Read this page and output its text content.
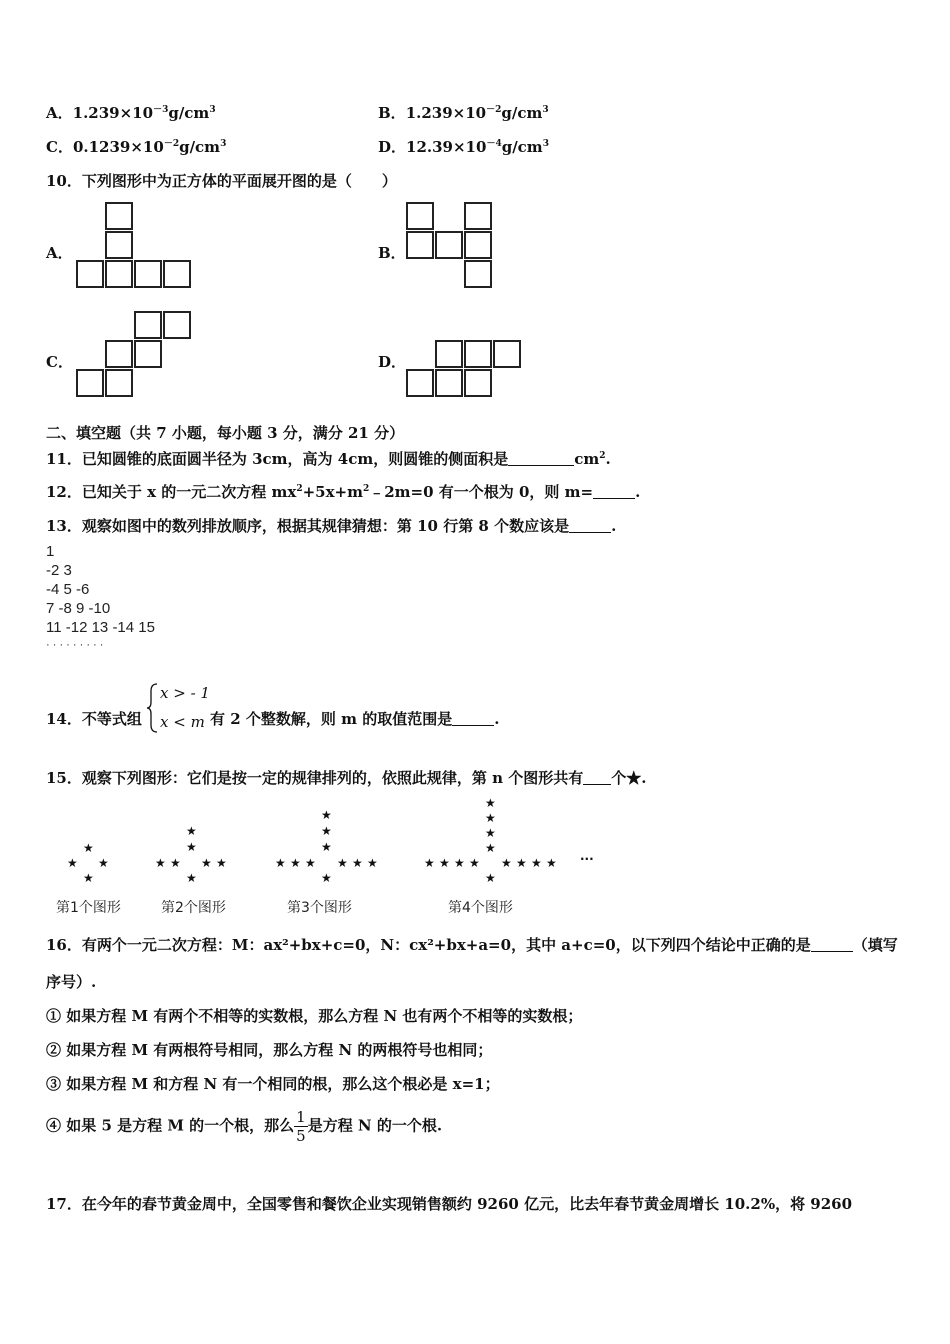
A．$1.239\times 10^{-3}g/cm^3$	B．$1.239\times 10^{-2}g/cm^3$
C．$0.1239\times 10^{-2}g/cm^3$	D．$12.39\times 10^{-4}g/cm^3$
10．下列图形中为正方体的平面展开图的是（　　）
A．	B．
C．	D．
二、填空题（共 7 小题，每小题 3 分，满分 21 分）
11．已知圆锥的底面圆半径为 3cm，高为 4cm，则圆锥的侧面积是	$cm^2$.
12．已知关于 x 的一元二次方程 $mx^2+5x+m^2﹣2m=0$ 有一个根为 0，则 m=	.
13．观察如图中的数列排放顺序，根据其规律猜想：第 10 行第 8 个数应该是	.
1
-2 3
-4 5 -6
7 -8 9 -10
11 -12 13 -14 15
· · · · · · · · ·
14．不等式组
x > - 1
x < m 有 2 个整数解，则 m 的取值范围是	.
15．观察下列图形：它们是按一定的规律排列的，依照此规律，第 n 个图形共有 个★.
★
★ ★
★
★
★
★ ★ ★ ★
★
★
★
★
★ ★ ★ ★ ★ ★
★
★
★
★
★
★ ★ ★ ★ ★ ★ ★ ★
★
···
第1个图形	第2个图形	第3个图形	第4个图形
16．有两个一元二次方程：M：ax²+bx+c=0，N：cx²+bx+a=0，其中 a+c=0，以下列四个结论中正确的是	（填写
序号）.
① 如果方程 M 有两个不相等的实数根，那么方程 N 也有两个不相等的实数根；
② 如果方程 M 有两根符号相同，那么方程 N 的两根符号也相同；
③ 如果方程 M 和方程 N 有一个相同的根，那么这个根必是 x=1；
④ 如果 5 是方程 M 的一个根，那么 $\frac{1}{5}$ 是方程 N 的一个根.
17．在今年的春节黄金周中，全国零售和餐饮企业实现销售额约 9260 亿元，比去年春节黄金周增长 10.2%，将 9260
